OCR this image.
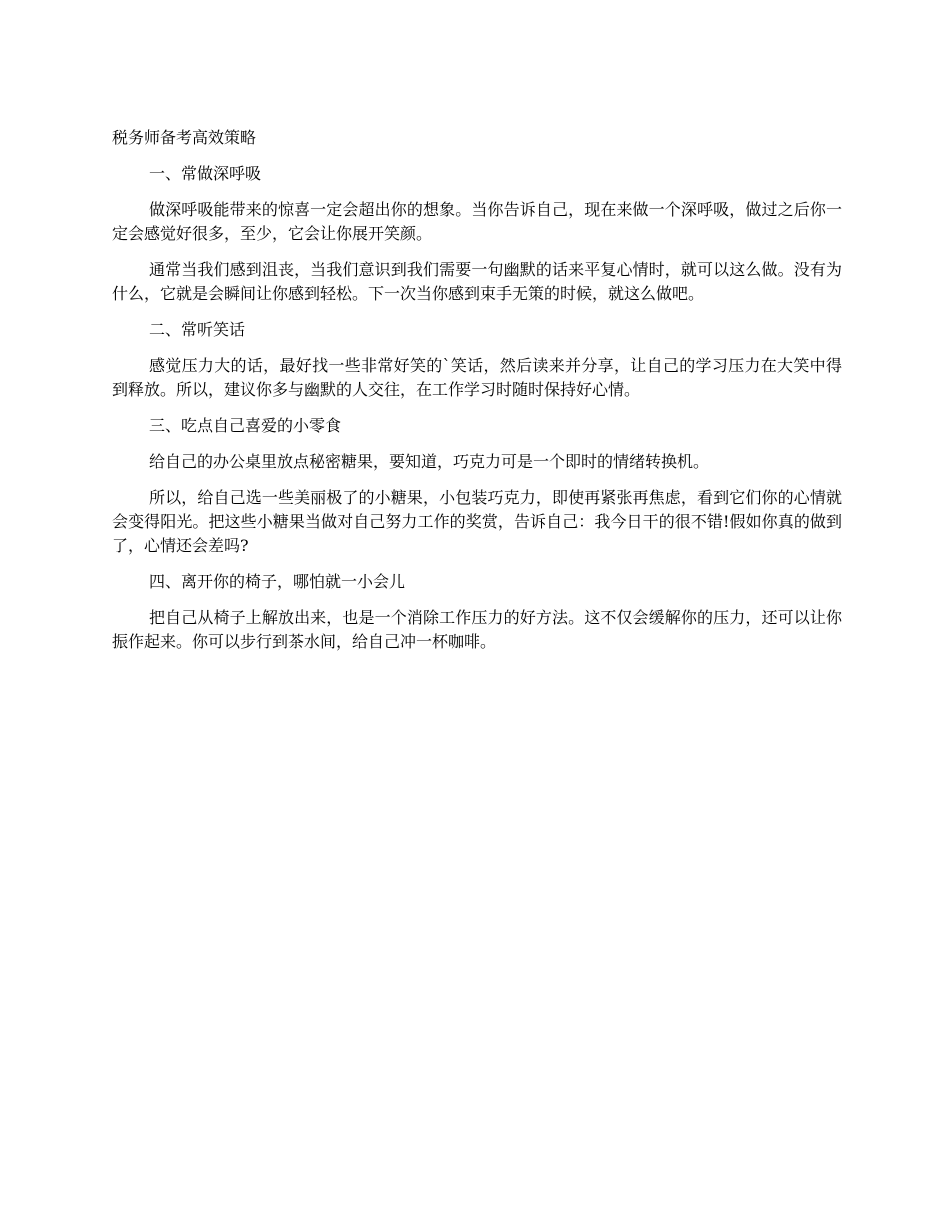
税务师备考高效策略
一、常做深呼吸
做深呼吸能带来的惊喜一定会超出你的想象。当你告诉自己，现在来做一个深呼吸，做过之后你一定会感觉好很多，至少，它会让你展开笑颜。
通常当我们感到沮丧，当我们意识到我们需要一句幽默的话来平复心情时，就可以这么做。没有为什么，它就是会瞬间让你感到轻松。下一次当你感到束手无策的时候，就这么做吧。
二、常听笑话
感觉压力大的话，最好找一些非常好笑的`笑话，然后读来并分享，让自己的学习压力在大笑中得到释放。所以，建议你多与幽默的人交往，在工作学习时随时保持好心情。
三、吃点自己喜爱的小零食
给自己的办公桌里放点秘密糖果，要知道，巧克力可是一个即时的情绪转换机。
所以，给自己选一些美丽极了的小糖果，小包装巧克力，即使再紧张再焦虑，看到它们你的心情就会变得阳光。把这些小糖果当做对自己努力工作的奖赏，告诉自己：我今日干的很不错!假如你真的做到了，心情还会差吗?
四、离开你的椅子，哪怕就一小会儿
把自己从椅子上解放出来，也是一个消除工作压力的好方法。这不仅会缓解你的压力，还可以让你振作起来。你可以步行到茶水间，给自己冲一杯咖啡。
